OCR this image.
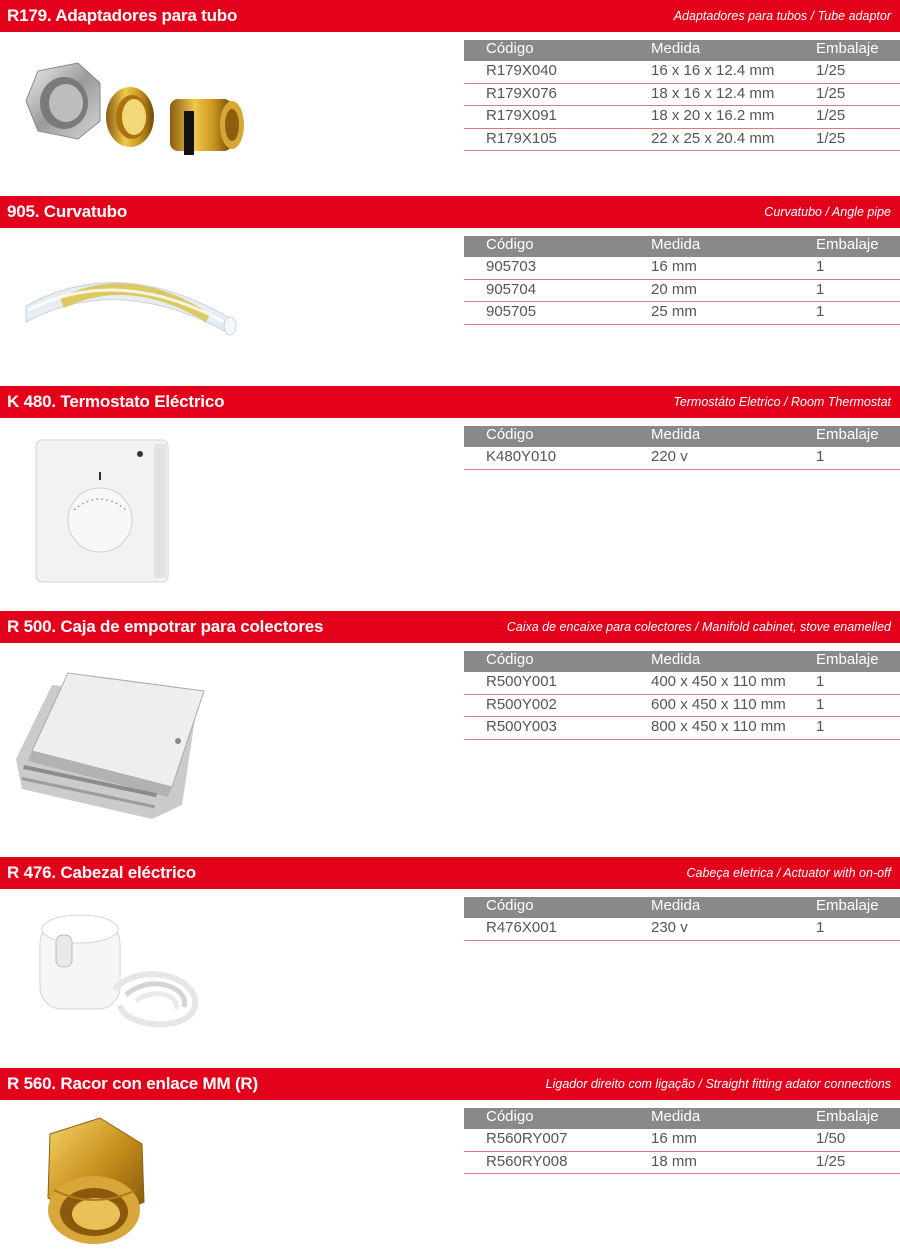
R179. Adaptadores para tubo	Adaptadores para tubos / Tube adaptor
Código	Medida	Embalaje
R179X040	16 x 16 x 12.4 mm	1/25
R179X076	18 x 16 x 12.4 mm	1/25
R179X091	18 x 20 x 16.2 mm	1/25
R179X105	22 x 25 x 20.4 mm	1/25
905. Curvatubo	Curvatubo / Angle pipe
Código	Medida	Embalaje
905703	16 mm	1
905704	20 mm	1
905705	25 mm	1
K 480. Termostato Eléctrico	Termostáto Eletrico / Room Thermostat
Código	Medida	Embalaje
K480Y010	220 v	1
R 500. Caja de empotrar para colectores	Caixa de encaixe para colectores / Manifold cabinet, stove enamelled
Código	Medida	Embalaje
R500Y001	400 x 450 x 110 mm 1
R500Y002	600 x 450 x 110 mm 1
R500Y003	800 x 450 x 110 mm 1
R 476. Cabezal eléctrico	Cabeça eletrica / Actuator with on-off
Código	Medida	Embalaje
R476X001	230 v	1
R 560. Racor con enlace MM (R)	Ligador direito com ligação / Straight fitting adator connections
Código	Medida	Embalaje
R560RY007	16 mm	1/50
R560RY008	18 mm	1/25
